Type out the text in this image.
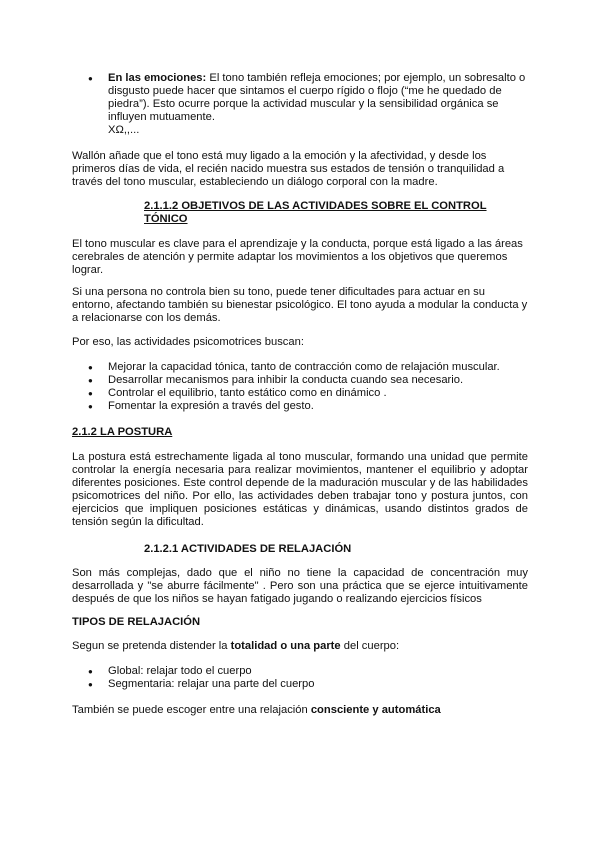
● En las emociones: El tono también refleja emociones; por ejemplo, un sobresalto o disgusto puede hacer que sintamos el cuerpo rígido o flojo (“me he quedado de piedra”). Esto ocurre porque la actividad muscular y la sensibilidad orgánica se influyen mutuamente.
XΩ,,...

Wallón añade que el tono está muy ligado a la emoción y la afectividad, y desde los primeros días de vida, el recién nacido muestra sus estados de tensión o tranquilidad a través del tono muscular, estableciendo un diálogo corporal con la madre.

2.1.1.2 OBJETIVOS DE LAS ACTIVIDADES SOBRE EL CONTROL TÓNICO

El tono muscular es clave para el aprendizaje y la conducta, porque está ligado a las áreas cerebrales de atención y permite adaptar los movimientos a los objetivos que queremos lograr.

Si una persona no controla bien su tono, puede tener dificultades para actuar en su entorno, afectando también su bienestar psicológico. El tono ayuda a modular la conducta y a relacionarse con los demás.

Por eso, las actividades psicomotrices buscan:

● Mejorar la capacidad tónica, tanto de contracción como de relajación muscular.
● Desarrollar mecanismos para inhibir la conducta cuando sea necesario.
● Controlar el equilibrio, tanto estático como en dinámico .
● Fomentar la expresión a través del gesto.

2.1.2 LA POSTURA

La postura está estrechamente ligada al tono muscular, formando una unidad que permite controlar la energía necesaria para realizar movimientos, mantener el equilibrio y adoptar diferentes posiciones. Este control depende de la maduración muscular y de las habilidades psicomotrices del niño. Por ello, las actividades deben trabajar tono y postura juntos, con ejercicios que impliquen posiciones estáticas y dinámicas, usando distintos grados de tensión según la dificultad.

2.1.2.1 ACTIVIDADES DE RELAJACIÓN

Son más complejas, dado que el niño no tiene la capacidad de concentración muy desarrollada y "se aburre fácilmente" . Pero son una práctica que se ejerce intuitivamente después de que los niños se hayan fatigado jugando o realizando ejercicios físicos

TIPOS DE RELAJACIÓN

Segun se pretenda distender la totalidad o una parte del cuerpo:

● Global: relajar todo el cuerpo
● Segmentaria: relajar una parte del cuerpo

También se puede escoger entre una relajación consciente y automática
